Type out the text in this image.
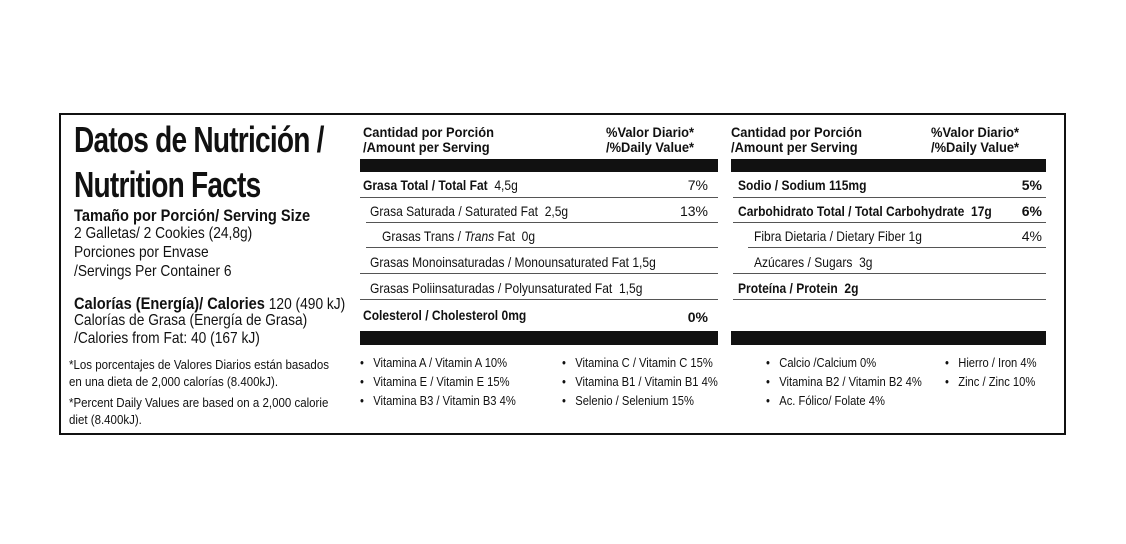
Datos de Nutrición /
Nutrition Facts
Tamaño por Porción/ Serving Size
2 Galletas/ 2 Cookies (24,8g)
Porciones por Envase
/Servings Per Container 6
Calorías (Energía)/ Calories 120 (490 kJ)
Calorías de Grasa (Energía de Grasa)
/Calories from Fat: 40 (167 kJ)
*Los porcentajes de Valores Diarios están basados
en una dieta de 2,000 calorías (8.400kJ).
*Percent Daily Values are based on a 2,000 calorie
diet (8.400kJ).
Cantidad por Porción
/Amount per Serving
%Valor Diario*
/%Daily Value*
Grasa Total / Total Fat 4,5g	7%
Grasa Saturada / Saturated Fat 2,5g	13%
Grasas Trans / Trans Fat 0g
Grasas Monoinsaturadas / Monounsaturated Fat 1,5g
Grasas Poliinsaturadas / Polyunsaturated Fat 1,5g
Colesterol / Cholesterol 0mg	0%
Cantidad por Porción
/Amount per Serving
%Valor Diario*
/%Daily Value*
Sodio / Sodium 115mg	5%
Carbohidrato Total / Total Carbohydrate 17g	6%
Fibra Dietaria / Dietary Fiber 1g	4%
Azúcares / Sugars 3g
Proteína / Protein 2g
• Vitamina A / Vitamin A 10%
• Vitamina E / Vitamin E 15%
• Vitamina B3 / Vitamin B3 4%
• Vitamina C / Vitamin C 15%
• Vitamina B1 / Vitamin B1 4%
• Selenio / Selenium 15%
• Calcio /Calcium 0%
• Vitamina B2 / Vitamin B2 4%
• Ac. Fólico/ Folate 4%
• Hierro / Iron 4%
• Zinc / Zinc 10%
